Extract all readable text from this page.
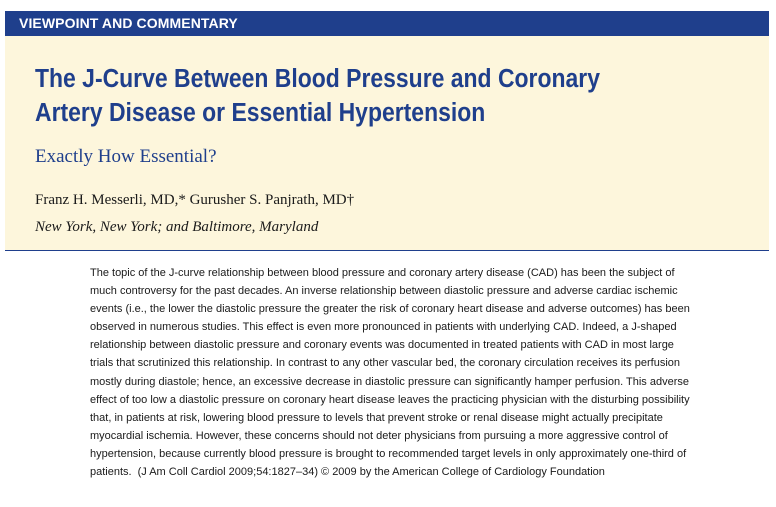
VIEWPOINT AND COMMENTARY
The J-Curve Between Blood Pressure and Coronary Artery Disease or Essential Hypertension

Exactly How Essential?

Franz H. Messerli, MD,* Gurusher S. Panjrath, MD†

New York, New York; and Baltimore, Maryland

The topic of the J-curve relationship between blood pressure and coronary artery disease (CAD) has been the subject of much controversy for the past decades. An inverse relationship between diastolic pressure and adverse cardiac ischemic events (i.e., the lower the diastolic pressure the greater the risk of coronary heart disease and adverse outcomes) has been observed in numerous studies. This effect is even more pronounced in patients with underlying CAD. Indeed, a J-shaped relationship between diastolic pressure and coronary events was documented in treated patients with CAD in most large trials that scrutinized this relationship. In contrast to any other vascular bed, the coronary circulation receives its perfusion mostly during diastole; hence, an excessive decrease in diastolic pressure can significantly hamper perfusion. This adverse effect of too low a diastolic pressure on coronary heart disease leaves the practicing physician with the disturbing possibility that, in patients at risk, lowering blood pressure to levels that prevent stroke or renal disease might actually precipitate myocardial ischemia. However, these concerns should not deter physicians from pursuing a more aggressive control of hypertension, because currently blood pressure is brought to recommended target levels in only approximately one-third of patients. (J Am Coll Cardiol 2009;54:1827–34) © 2009 by the American College of Cardiology Foundation
